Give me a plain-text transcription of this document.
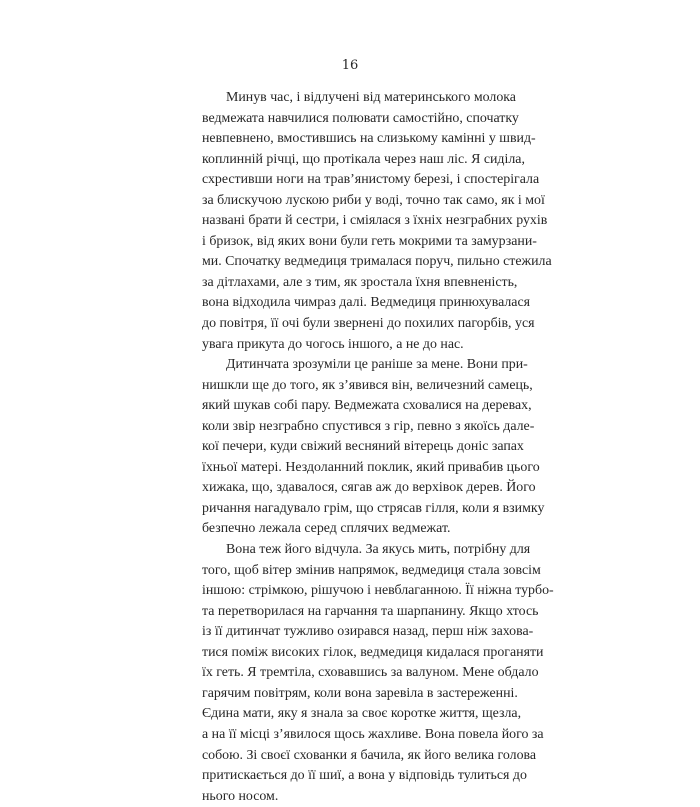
16

Минув час, і відлучені від материнського молока
ведмежата навчилися полювати самостійно, спочатку
невпевнено, вмостившись на слизькому камінні у швид-
коплинній річці, що протікала через наш ліс. Я сиділа,
схрестивши ноги на трав’янистому березі, і спостерігала
за блискучою лускою риби у воді, точно так само, як і мої
названі брати й сестри, і сміялася з їхніх незграбних рухів
і бризок, від яких вони були геть мокрими та замурзани-
ми. Спочатку ведмедиця трималася поруч, пильно стежила
за дітлахами, але з тим, як зростала їхня впевненість,
вона відходила чимраз далі. Ведмедиця принюхувалася
до повітря, її очі були звернені до похилих пагорбів, уся
увага прикута до чогось іншого, а не до нас.

Дитинчата зрозуміли це раніше за мене. Вони при-
нишкли ще до того, як з’явився він, величезний самець,
який шукав собі пару. Ведмежата сховалися на деревах,
коли звір незграбно спустився з гір, певно з якоїсь дале-
кої печери, куди свіжий весняний вітерець доніс запах
їхньої матері. Нездоланний поклик, який привабив цього
хижака, що, здавалося, сягав аж до верхівок дерев. Його
ричання нагадувало грім, що стрясав гілля, коли я взимку
безпечно лежала серед сплячих ведмежат.

Вона теж його відчула. За якусь мить, потрібну для
того, щоб вітер змінив напрямок, ведмедиця стала зовсім
іншою: стрімкою, рішучою і невблаганною. Її ніжна турбо-
та перетворилася на гарчання та шарпанину. Якщо хтось
із її дитинчат тужливо озирався назад, перш ніж захова-
тися поміж високих гілок, ведмедиця кидалася проганяти
їх геть. Я тремтіла, сховавшись за валуном. Мене обдало
гарячим повітрям, коли вона заревіла в застереженні.
Єдина мати, яку я знала за своє коротке життя, щезла,
а на її місці з’явилося щось жахливе. Вона повела його за
собою. Зі своєї схованки я бачила, як його велика голова
притискається до її шиї, а вона у відповідь тулиться до
нього носом.
